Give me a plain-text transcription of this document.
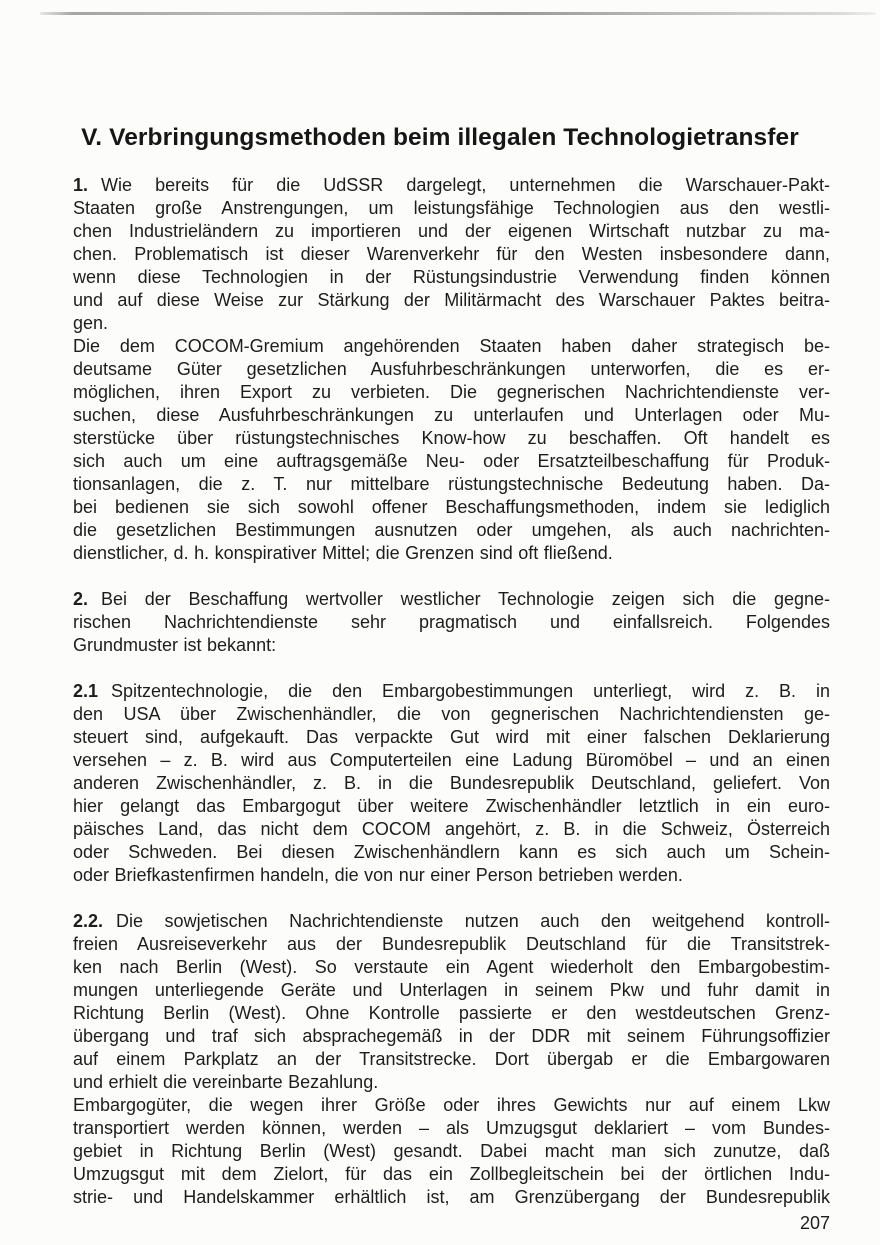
V. Verbringungsmethoden beim illegalen Technologietransfer
1. Wie bereits für die UdSSR dargelegt, unternehmen die Warschauer-Pakt-
Staaten große Anstrengungen, um leistungsfähige Technologien aus den westli-
chen Industrieländern zu importieren und der eigenen Wirtschaft nutzbar zu ma-
chen. Problematisch ist dieser Warenverkehr für den Westen insbesondere dann,
wenn diese Technologien in der Rüstungsindustrie Verwendung finden können
und auf diese Weise zur Stärkung der Militärmacht des Warschauer Paktes beitra-
gen.
Die dem COCOM-Gremium angehörenden Staaten haben daher strategisch be-
deutsame Güter gesetzlichen Ausfuhrbeschränkungen unterworfen, die es er-
möglichen, ihren Export zu verbieten. Die gegnerischen Nachrichtendienste ver-
suchen, diese Ausfuhrbeschränkungen zu unterlaufen und Unterlagen oder Mu-
sterstücke über rüstungstechnisches Know-how zu beschaffen. Oft handelt es
sich auch um eine auftragsgemäße Neu- oder Ersatzteilbeschaffung für Produk-
tionsanlagen, die z. T. nur mittelbare rüstungstechnische Bedeutung haben. Da-
bei bedienen sie sich sowohl offener Beschaffungsmethoden, indem sie lediglich
die gesetzlichen Bestimmungen ausnutzen oder umgehen, als auch nachrichten-
dienstlicher, d. h. konspirativer Mittel; die Grenzen sind oft fließend.
2. Bei der Beschaffung wertvoller westlicher Technologie zeigen sich die gegne-
rischen Nachrichtendienste sehr pragmatisch und einfallsreich. Folgendes
Grundmuster ist bekannt:
2.1 Spitzentechnologie, die den Embargobestimmungen unterliegt, wird z. B. in
den USA über Zwischenhändler, die von gegnerischen Nachrichtendiensten ge-
steuert sind, aufgekauft. Das verpackte Gut wird mit einer falschen Deklarierung
versehen – z. B. wird aus Computerteilen eine Ladung Büromöbel – und an einen
anderen Zwischenhändler, z. B. in die Bundesrepublik Deutschland, geliefert. Von
hier gelangt das Embargogut über weitere Zwischenhändler letztlich in ein euro-
päisches Land, das nicht dem COCOM angehört, z. B. in die Schweiz, Österreich
oder Schweden. Bei diesen Zwischenhändlern kann es sich auch um Schein-
oder Briefkastenfirmen handeln, die von nur einer Person betrieben werden.
2.2. Die sowjetischen Nachrichtendienste nutzen auch den weitgehend kontroll-
freien Ausreiseverkehr aus der Bundesrepublik Deutschland für die Transitstrek-
ken nach Berlin (West). So verstaute ein Agent wiederholt den Embargobestim-
mungen unterliegende Geräte und Unterlagen in seinem Pkw und fuhr damit in
Richtung Berlin (West). Ohne Kontrolle passierte er den westdeutschen Grenz-
übergang und traf sich absprachegemäß in der DDR mit seinem Führungsoffizier
auf einem Parkplatz an der Transitstrecke. Dort übergab er die Embargowaren
und erhielt die vereinbarte Bezahlung.
Embargogüter, die wegen ihrer Größe oder ihres Gewichts nur auf einem Lkw
transportiert werden können, werden – als Umzugsgut deklariert – vom Bundes-
gebiet in Richtung Berlin (West) gesandt. Dabei macht man sich zunutze, daß
Umzugsgut mit dem Zielort, für das ein Zollbegleitschein bei der örtlichen Indu-
strie- und Handelskammer erhältlich ist, am Grenzübergang der Bundesrepublik
207
